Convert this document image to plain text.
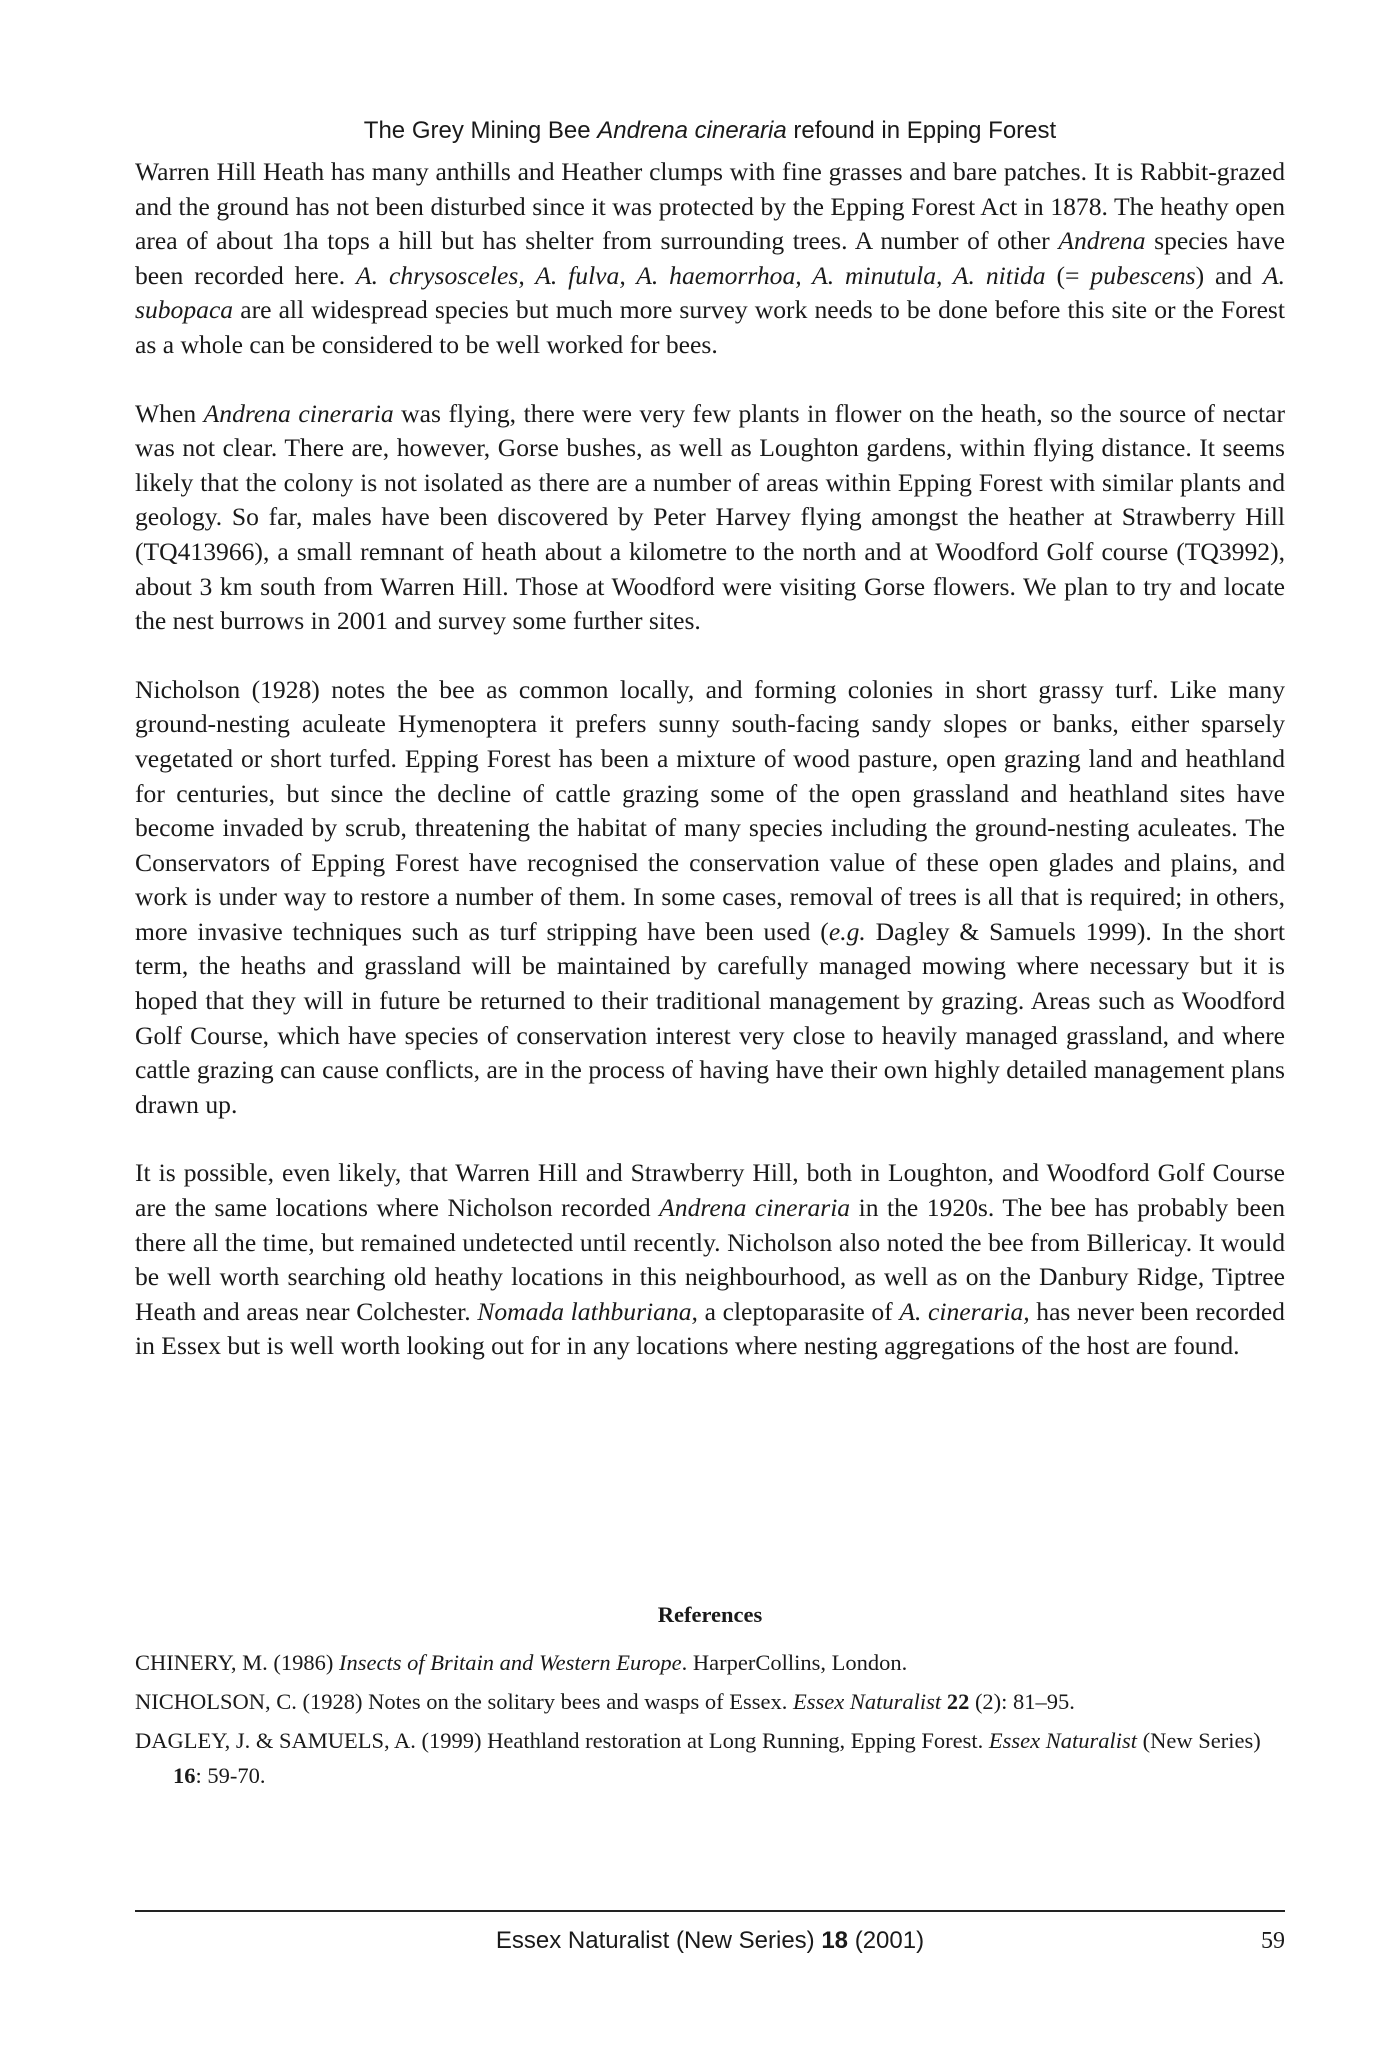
The Grey Mining Bee Andrena cineraria refound in Epping Forest

Warren Hill Heath has many anthills and Heather clumps with fine grasses and bare patches. It is Rabbit-grazed and the ground has not been disturbed since it was protected by the Epping Forest Act in 1878. The heathy open area of about 1ha tops a hill but has shelter from surrounding trees. A number of other Andrena species have been recorded here. A. chrysosceles, A. fulva, A. haemorrhoa, A. minutula, A. nitida (= pubescens) and A. subopaca are all widespread species but much more survey work needs to be done before this site or the Forest as a whole can be considered to be well worked for bees.

When Andrena cineraria was flying, there were very few plants in flower on the heath, so the source of nectar was not clear. There are, however, Gorse bushes, as well as Loughton gardens, within flying distance. It seems likely that the colony is not isolated as there are a number of areas within Epping Forest with similar plants and geology. So far, males have been discovered by Peter Harvey flying amongst the heather at Strawberry Hill (TQ413966), a small remnant of heath about a kilometre to the north and at Woodford Golf course (TQ3992), about 3 km south from Warren Hill. Those at Woodford were visiting Gorse flowers. We plan to try and locate the nest burrows in 2001 and survey some further sites.

Nicholson (1928) notes the bee as common locally, and forming colonies in short grassy turf. Like many ground-nesting aculeate Hymenoptera it prefers sunny south-facing sandy slopes or banks, either sparsely vegetated or short turfed. Epping Forest has been a mixture of wood pasture, open grazing land and heathland for centuries, but since the decline of cattle grazing some of the open grassland and heathland sites have become invaded by scrub, threatening the habitat of many species including the ground-nesting aculeates. The Conservators of Epping Forest have recognised the conservation value of these open glades and plains, and work is under way to restore a number of them. In some cases, removal of trees is all that is required; in others, more invasive techniques such as turf stripping have been used (e.g. Dagley & Samuels 1999). In the short term, the heaths and grassland will be maintained by carefully managed mowing where necessary but it is hoped that they will in future be returned to their traditional management by grazing. Areas such as Woodford Golf Course, which have species of conservation interest very close to heavily managed grassland, and where cattle grazing can cause conflicts, are in the process of having have their own highly detailed management plans drawn up.

It is possible, even likely, that Warren Hill and Strawberry Hill, both in Loughton, and Woodford Golf Course are the same locations where Nicholson recorded Andrena cineraria in the 1920s. The bee has probably been there all the time, but remained undetected until recently. Nicholson also noted the bee from Billericay. It would be well worth searching old heathy locations in this neighbourhood, as well as on the Danbury Ridge, Tiptree Heath and areas near Colchester. Nomada lathburiana, a cleptoparasite of A. cineraria, has never been recorded in Essex but is well worth looking out for in any locations where nesting aggregations of the host are found.

References
CHINERY, M. (1986) Insects of Britain and Western Europe. HarperCollins, London.
NICHOLSON, C. (1928) Notes on the solitary bees and wasps of Essex. Essex Naturalist 22 (2): 81–95.
DAGLEY, J. & SAMUELS, A. (1999) Heathland restoration at Long Running, Epping Forest. Essex Naturalist (New Series) 16: 59-70.
Essex Naturalist (New Series) 18 (2001)	59
